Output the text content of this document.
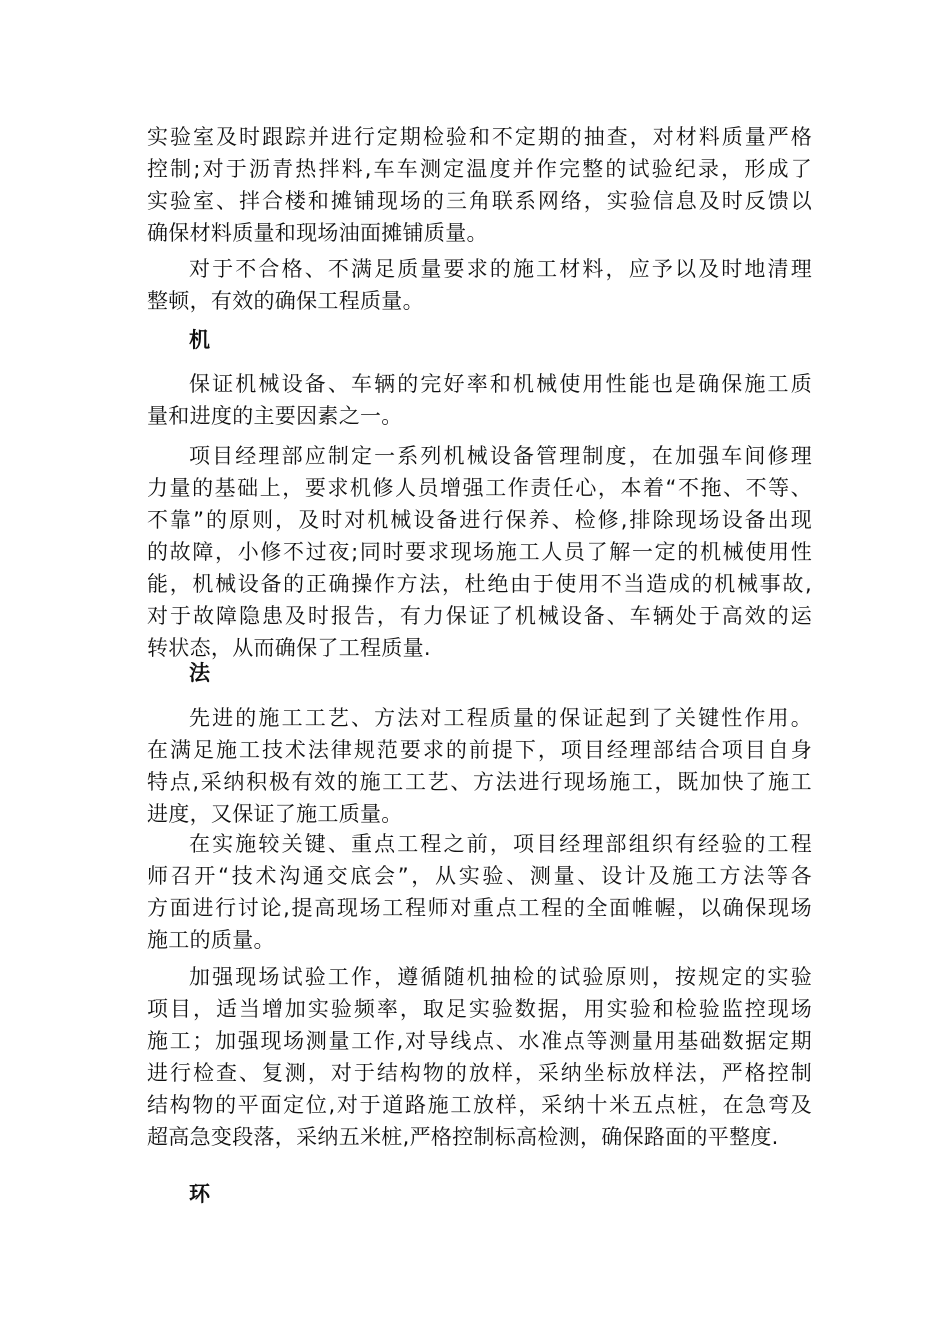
实验室及时跟踪并进行定期检验和不定期的抽查，对材料质量严格
控制;对于沥青热拌料,车车测定温度并作完整的试验纪录，形成了
实验室、拌合楼和摊铺现场的三角联系网络，实验信息及时反馈以
确保材料质量和现场油面摊铺质量。
对于不合格、不满足质量要求的施工材料，应予以及时地清理
整顿，有效的确保工程质量。
机
保证机械设备、车辆的完好率和机械使用性能也是确保施工质
量和进度的主要因素之一。
项目经理部应制定一系列机械设备管理制度，在加强车间修理
力量的基础上，要求机修人员增强工作责任心，本着“不拖、不等、
不靠”的原则，及时对机械设备进行保养、检修,排除现场设备出现
的故障，小修不过夜;同时要求现场施工人员了解一定的机械使用性
能，机械设备的正确操作方法，杜绝由于使用不当造成的机械事故,
对于故障隐患及时报告，有力保证了机械设备、车辆处于高效的运
转状态，从而确保了工程质量.
法
先进的施工工艺、方法对工程质量的保证起到了关键性作用。
在满足施工技术法律规范要求的前提下，项目经理部结合项目自身
特点,采纳积极有效的施工工艺、方法进行现场施工，既加快了施工
进度，又保证了施工质量。
在实施较关键、重点工程之前，项目经理部组织有经验的工程
师召开“技术沟通交底会”，从实验、测量、设计及施工方法等各
方面进行讨论,提高现场工程师对重点工程的全面帷幄，以确保现场
施工的质量。
加强现场试验工作，遵循随机抽检的试验原则，按规定的实验
项目，适当增加实验频率，取足实验数据，用实验和检验监控现场
施工；加强现场测量工作,对导线点、水准点等测量用基础数据定期
进行检查、复测，对于结构物的放样，采纳坐标放样法，严格控制
结构物的平面定位,对于道路施工放样，采纳十米五点桩，在急弯及
超高急变段落，采纳五米桩,严格控制标高检测，确保路面的平整度.
环
